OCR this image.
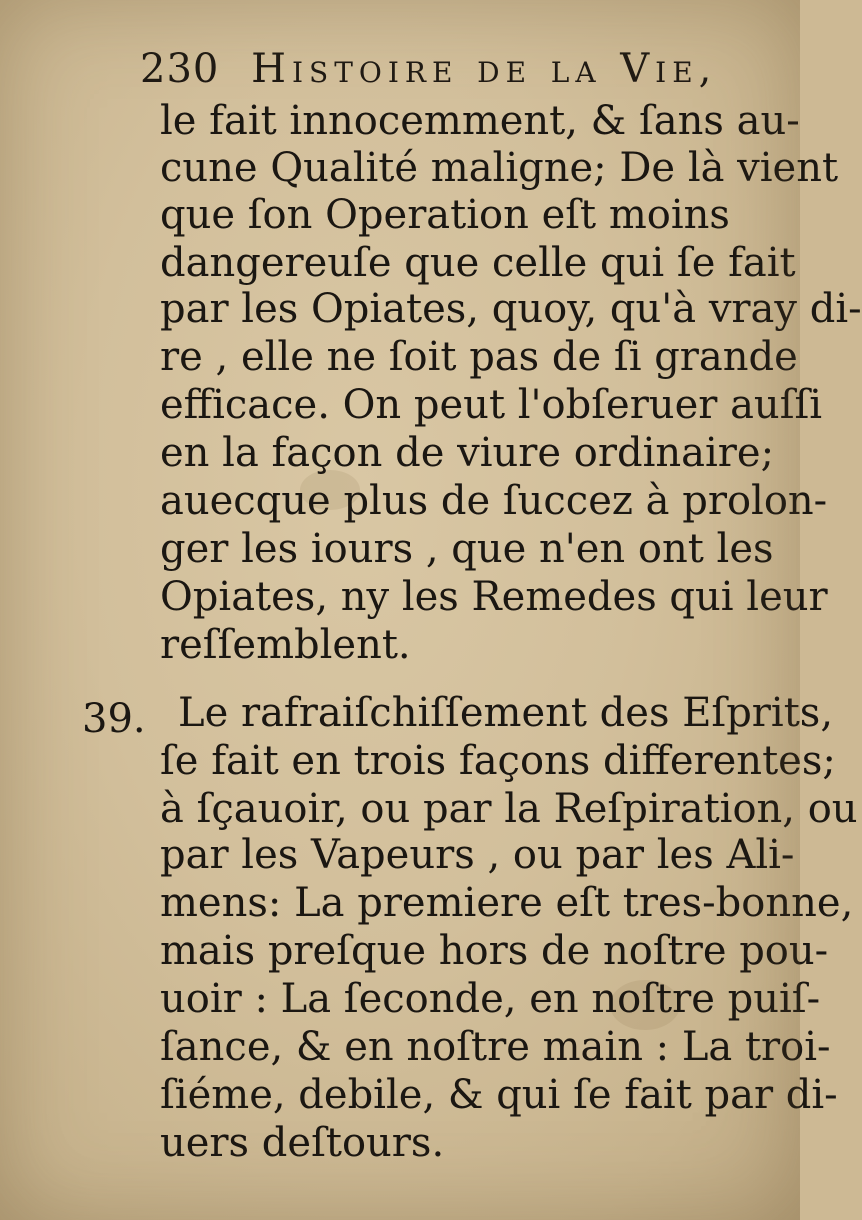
230 Histoire de la Vie,
39.
le fait innocemment, & ſans au-
cune Qualité maligne; De là vient
que ſon Operation eſt moins
dangereuſe que celle qui ſe fait
par les Opiates, quoy, qu'à vray di-
re , elle ne ſoit pas de ſi grande
efficace. On peut l'obſeruer auſſi
en la façon de viure ordinaire;
auecque plus de ſuccez à prolon-
ger les iours , que n'en ont les
Opiates, ny les Remedes qui leur
reſſemblent.
Le rafraiſchiſſement des Eſprits,
ſe fait en trois façons differentes;
à ſçauoir, ou par la Reſpiration, ou
par les Vapeurs , ou par les Ali-
mens: La premiere eſt tres-bonne,
mais preſque hors de noſtre pou-
uoir : La ſeconde, en noſtre puiſ-
ſance, & en noſtre main : La troi-
ſiéme, debile, & qui ſe fait par di-
uers deſtours.
